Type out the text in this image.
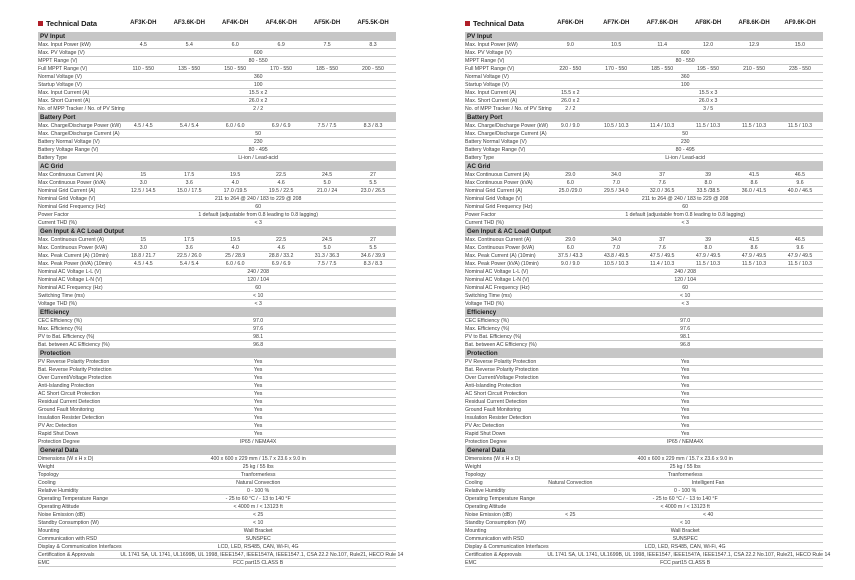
Technical Data	AF3K-DH	AF3.6K-DH	AF4K-DH	AF4.6K-DH	AF5K-DH	AF5.5K-DH
PV Input
Max. Input Power (kW)	4.5	5.4	6.0	6.9	7.5	8.3
Max. PV Voltage (V)	600
MPPT Range (V)	80 - 550
Full MPPT Range (V)	110 - 550	135 - 550	150 - 550	170 - 550	185 - 550	200 - 550
Normal Voltage (V)	360
Startup Voltage (V)	100
Max. Input Current (A)	15.5 x 2
Max. Short Current (A)	26.0 x 2
No. of MPP Tracker / No. of PV String	2 / 2
Battery Port
Max. Charge/Discharge Power (kW)	4.5 / 4.5	5.4 / 5.4	6.0 / 6.0	6.9 / 6.9	7.5 / 7.5	8.3 / 8.3
Max. Charge/Discharge Current (A)	50
Battery Normal Voltage (V)	230
Battery Voltage Range (V)	80 - 495
Battery Type	Li-ion / Lead-acid
AC Grid
Max Continuous Current (A)	15	17.5	19.5	22.5	24.5	27
Max Continuous Power (kVA)	3.0	3.6	4.0	4.6	5.0	5.5
Nominal Grid Current (A)	12.5 / 14.5	15.0 / 17.5	17.0 /19.5	19.5 / 22.5	21.0 / 24	23.0 / 26.5
Nominal Grid Voltage (V)	211 to 264 @ 240 / 183 to 229 @ 208
Nominal Grid Frequency (Hz)	60
Power Factor	1 default (adjustable from 0.8 leading to 0.8 lagging)
Current THD (%)	< 3
Gen Input & AC Load Output
Max. Continuous Current (A)	15	17.5	19.5	22.5	24.5	27
Max. Continuous Power (kVA)	3.0	3.6	4.0	4.6	5.0	5.5
Max. Peak Current (A) (10min)	18.8 / 21.7	22.5 / 26.0	25 / 28.9	28.8 / 33.2	31.3 / 36.3	34.6 / 39.9
Max. Peak Power (kVA) (10min)	4.5 / 4.5	5.4 / 5.4	6.0 / 6.0	6.9 / 6.9	7.5 / 7.5	8.3 / 8.3
Nominal AC Voltage L-L (V)	240 / 208
Nominal AC Voltage L-N (V)	120 / 104
Nominal AC Frequency (Hz)	60
Switching Time (ms)	< 10
Voltage THD (%)	< 3
Efficiency
CEC Efficiency (%)	97.0
Max. Efficiency (%)	97.6
PV to Bat. Efficiency (%)	98.1
Bat. between AC Efficiency (%)	96.8
Protection
PV Reverse Polarity Protection	Yes
Bat. Reverse Polarity Protection	Yes
Over Current/Voltage Protection	Yes
Anti-Islanding Protection	Yes
AC Short Circuit Protection	Yes
Residual Current Detection	Yes
Ground Fault Monitoring	Yes
Insulation Resister Detection	Yes
PV Arc Detection	Yes
Rapid Shut Down	Yes
Protection Degree	IP65 / NEMA4X
General Data
Dimensions (W x H x D)	400 x 600 x 229 mm / 15.7 x 23.6 x 9.0 in
Weight	25 kg / 55 lbs
Topology	Tranformerless
Cooling	Natural Convection
Relative Humidity	0 - 100 %
Operating Temperature Range	- 25 to 60 °C / - 13 to 140 °F
Operating Altitude	< 4000 m / < 13123 ft
Noise Emission (dB)	< 25
Standby Consumption (W)	< 10
Mounting	Wall Bracket
Communication with RSD	SUNSPEC
Display & Communication Interfaces	LCD, LED, RS485, CAN, Wi-Fi, 4G
Certification & Approvals	UL 1741 SA, UL 1741, UL1699B, UL 1998, IEEE1547, IEEE1547A, IEEE1547.1, CSA 22.2 No.107, Rule21, HECO Rule 14
EMC	FCC part15 CLASS B
Technical Data	AF6K-DH	AF7K-DH	AF7.6K-DH	AF8K-DH	AF8.6K-DH	AF9.6K-DH
PV Input
Max. Input Power (kW)	9.0	10.5	11.4	12.0	12.9	15.0
Max. PV Voltage (V)	600
MPPT Range (V)	80 - 550
Full MPPT Range (V)	220 - 550	170 - 550	185 - 550	195 - 550	210 - 550	235 - 550
Normal Voltage (V)	360
Startup Voltage (V)	100
Max. Input Current (A)	15.5 x 2	15.5 x 3
Max. Short Current (A)	26.0 x 2	26.0 x 3
No. of MPP Tracker / No. of PV String	2 / 2	3 / 5
Battery Port
Max. Charge/Discharge Power (kW)	9.0 / 9.0	10.5 / 10.3	11.4 / 10.3	11.5 / 10.3	11.5 / 10.3	11.5 / 10.3
Max. Charge/Discharge Current (A)	50
Battery Normal Voltage (V)	230
Battery Voltage Range (V)	80 - 495
Battery Type	Li-ion / Lead-acid
AC Grid
Max Continuous Current (A)	29.0	34.0	37	39	41.5	46.5
Max Continuous Power (kVA)	6.0	7.0	7.6	8.0	8.6	9.6
Nominal Grid Current (A)	25.0 /29.0	29.5 / 34.0	32.0 / 36.5	33.5 /38.5	36.0 / 41.5	40.0 / 46.5
Nominal Grid Voltage (V)	211 to 264 @ 240 / 183 to 229 @ 208
Nominal Grid Frequency (Hz)	60
Power Factor	1 default (adjustable from 0.8 leading to 0.8 lagging)
Current THD (%)	< 3
Gen Input & AC Load Output
Max. Continuous Current (A)	29.0	34.0	37	39	41.5	46.5
Max. Continuous Power (kVA)	6.0	7.0	7.6	8.0	8.6	9.6
Max. Peak Current (A) (10min)	37.5 / 43.3	43.8 / 49.5	47.5 / 49.5	47.9 / 49.5	47.9 / 49.5	47.9 / 49.5
Max. Peak Power (kVA) (10min)	9.0 / 9.0	10.5 / 10.3	11.4 / 10.3	11.5 / 10.3	11.5 / 10.3	11.5 / 10.3
Nominal AC Voltage L-L (V)	240 / 208
Nominal AC Voltage L-N (V)	120 / 104
Nominal AC Frequency (Hz)	60
Switching Time (ms)	< 10
Voltage THD (%)	< 3
Efficiency
CEC Efficiency (%)	97.0
Max. Efficiency (%)	97.6
PV to Bat. Efficiency (%)	98.1
Bat. between AC Efficiency (%)	96.8
Protection
PV Reverse Polarity Protection	Yes
Bat. Reverse Polarity Protection	Yes
Over Current/Voltage Protection	Yes
Anti-Islanding Protection	Yes
AC Short Circuit Protection	Yes
Residual Current Detection	Yes
Ground Fault Monitoring	Yes
Insulation Resister Detection	Yes
PV Arc Detection	Yes
Rapid Shut Down	Yes
Protection Degree	IP65 / NEMA4X
General Data
Dimensions (W x H x D)	400 x 600 x 229 mm / 15.7 x 23.6 x 9.0 in
Weight	25 kg / 55 lbs
Topology	Tranformerless
Cooling	Natural Convection	Intelligent Fan
Relative Humidity	0 - 100 %
Operating Temperature Range	- 25 to 60 °C / - 13 to 140 °F
Operating Altitude	< 4000 m / < 13123 ft
Noise Emission (dB)	< 25	< 40
Standby Consumption (W)	< 10
Mounting	Wall Bracket
Communication with RSD	SUNSPEC
Display & Communication Interfaces	LCD, LED, RS485, CAN, Wi-Fi, 4G
Certification & Approvals	UL 1741 SA, UL 1741, UL1699B, UL 1998, IEEE1547, IEEE1547A, IEEE1547.1, CSA 22.2 No.107, Rule21, HECO Rule 14
EMC	FCC part15 CLASS B
